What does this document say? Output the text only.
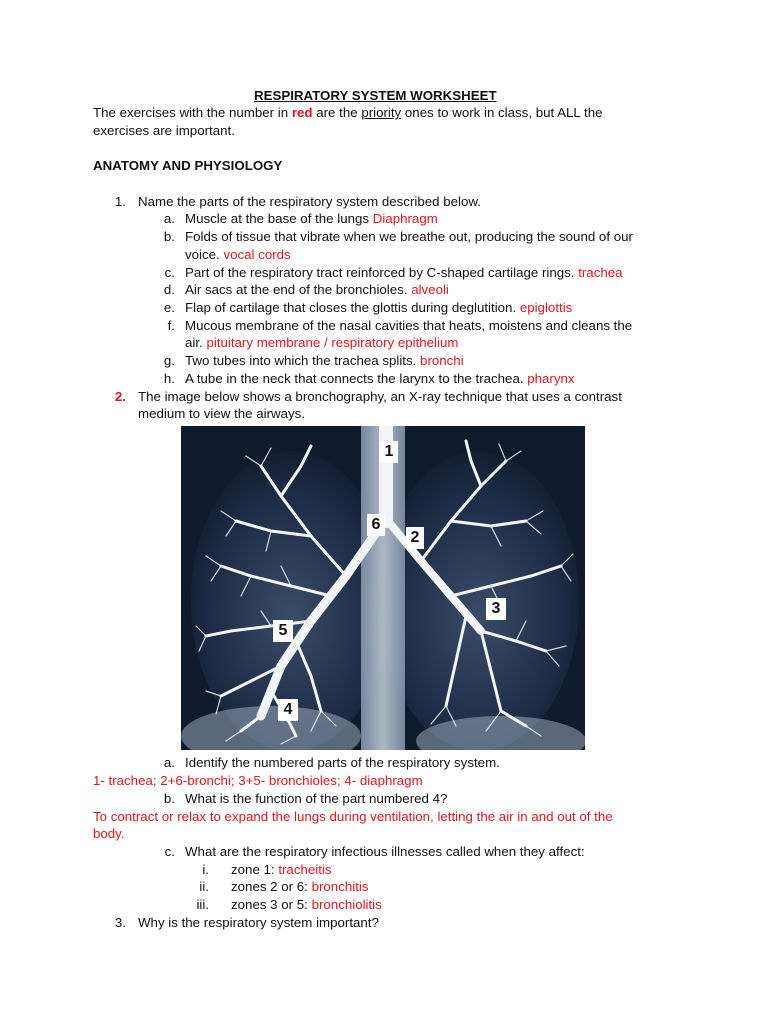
RESPIRATORY SYSTEM WORKSHEET
The exercises with the number in red are the priority ones to work in class, but ALL the
exercises are important.
ANATOMY AND PHYSIOLOGY
1. Name the parts of the respiratory system described below.
a. Muscle at the base of the lungs Diaphragm
b. Folds of tissue that vibrate when we breathe out, producing the sound of our
voice. vocal cords
c. Part of the respiratory tract reinforced by C-shaped cartilage rings. trachea
d. Air sacs at the end of the bronchioles. alveoli
e. Flap of cartilage that closes the glottis during deglutition. epiglottis
f. Mucous membrane of the nasal cavities that heats, moistens and cleans the
air. pituitary membrane / respiratory epithelium
g. Two tubes into which the trachea splits. bronchi
h. A tube in the neck that connects the larynx to the trachea. pharynx
2. The image below shows a bronchography, an X-ray technique that uses a contrast
medium to view the airways.
1
2
3
4
5
6
a. Identify the numbered parts of the respiratory system.
1- trachea; 2+6-bronchi; 3+5- bronchioles; 4- diaphragm
b. What is the function of the part numbered 4?
To contract or relax to expand the lungs during ventilation, letting the air in and out of the
body.
c. What are the respiratory infectious illnesses called when they affect:
i. zone 1: tracheitis
ii. zones 2 or 6: bronchitis
iii. zones 3 or 5: bronchiolitis
3. Why is the respiratory system important?
